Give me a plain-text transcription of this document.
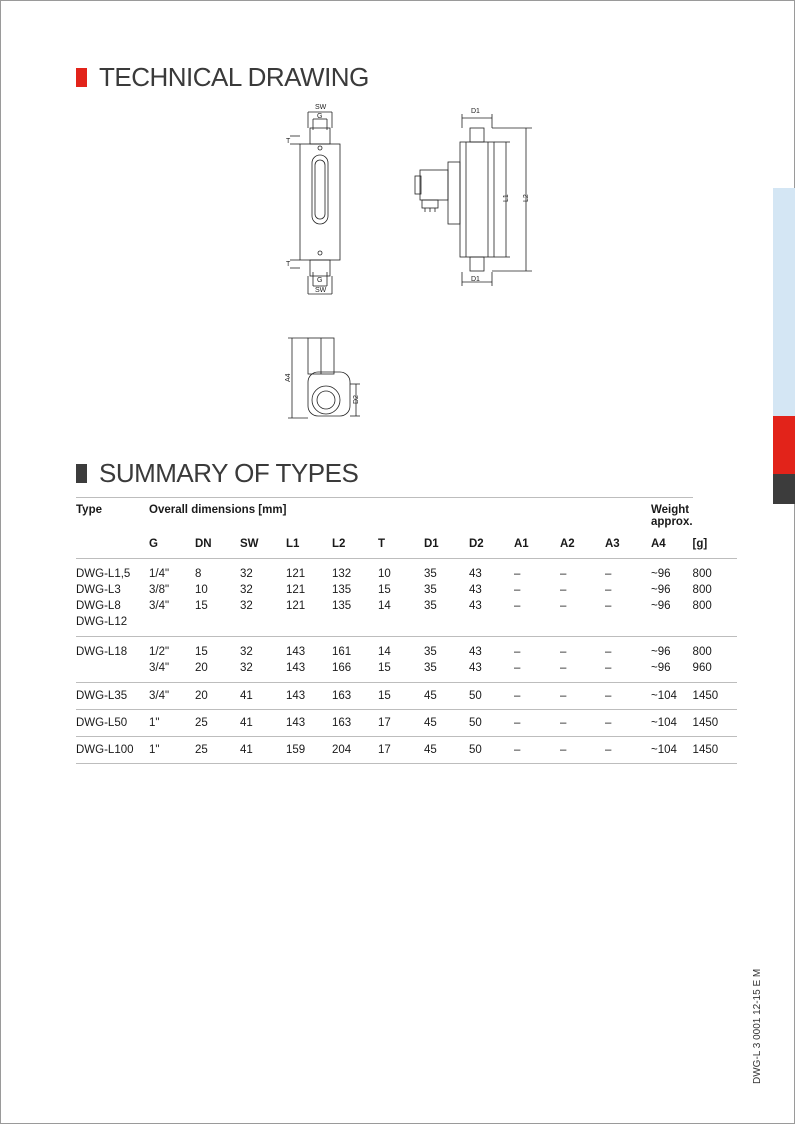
TECHNICAL DRAWING
SW
G
T
T
G
SW
D1
D1
L1 L2
A4
D2
SUMMARY OF TYPES
Type	Overall dimensions [mm]											Weight approx.	
	G	DN	SW	L1	L2	T	D1	D2	A1	A2	A3	A4	[g]
DWG-L1,5	1/4"	8	32	121	132	10	35	43	–	–	–	~96	800
DWG-L3	3/8"	10	32	121	135	15	35	43	–	–	–	~96	800
DWG-L8	3/4"	15	32	121	135	14	35	43	–	–	–	~96	800
DWG-L12													
DWG-L18	1/2"	15	32	143	161	14	35	43	–	–	–	~96	800
	3/4"	20	32	143	166	15	35	43	–	–	–	~96	960
DWG-L35	3/4"	20	41	143	163	15	45	50	–	–	–	~104	1450
DWG-L50	1"	25	41	143	163	17	45	50	–	–	–	~104	1450
DWG-L100	1"	25	41	159	204	17	45	50	–	–	–	~104	1450
DWG-L 3 0001 12-15 E M
